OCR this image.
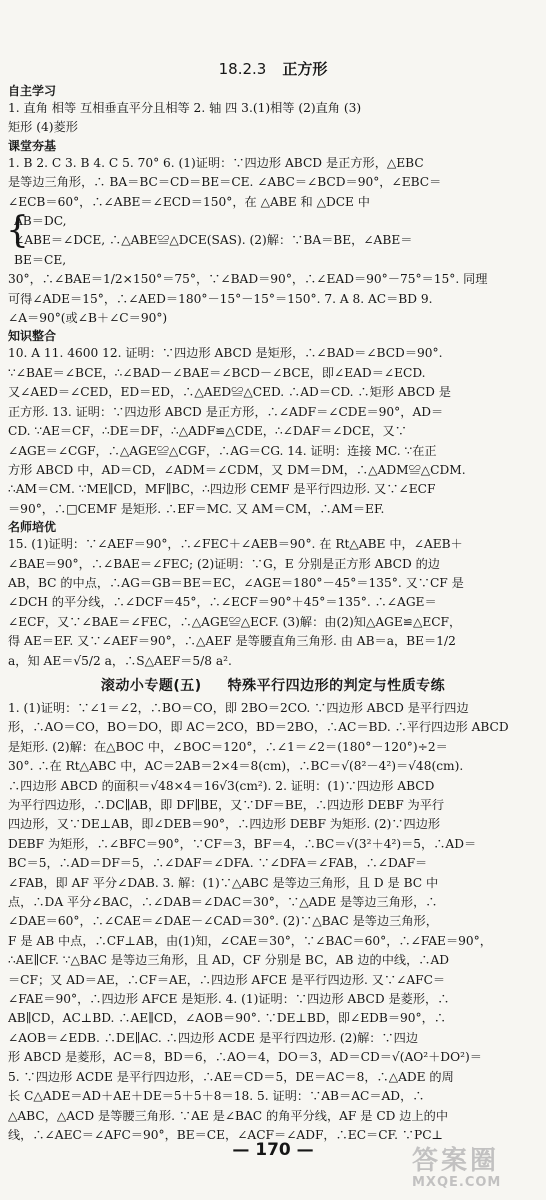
18.2.3 正方形
自主学习
1. 直角 相等 互相垂直平分且相等 2. 轴 四 3.(1)相等 (2)直角 (3)
矩形 (4)菱形
课堂夯基
1. B 2. C 3. B 4. C 5. 70° 6. (1)证明：∵四边形 ABCD 是正方形，△EBC
是等边三角形，∴ BA＝BC＝CD＝BE＝CE. ∠ABC＝∠BCD＝90°，∠EBC＝
∠ECB＝60°，∴∠ABE＝∠ECD＝150°，在 △ABE 和 △DCE 中
{
AB＝DC,
∠ABE＝∠DCE, ∴△ABE≌△DCE(SAS). (2)解：∵BA＝BE，∠ABE＝
BE＝CE,
30°，∴∠BAE＝1/2×150°＝75°，∵∠BAD＝90°，∴∠EAD＝90°－75°＝15°. 同理
可得∠ADE＝15°，∴∠AED＝180°－15°－15°＝150°. 7. A 8. AC＝BD 9.
∠A＝90°(或∠B＋∠C＝90°)
知识整合
10. A 11. 4600 12. 证明：∵四边形 ABCD 是矩形，∴∠BAD＝∠BCD＝90°.
∵∠BAE＝∠BCE，∴∠BAD－∠BAE＝∠BCD－∠BCE，即∠EAD＝∠ECD.
又∠AED＝∠CED，ED＝ED，∴△AED≌△CED. ∴AD＝CD. ∴矩形 ABCD 是
正方形. 13. 证明：∵四边形 ABCD 是正方形，∴∠ADF＝∠CDE＝90°，AD＝
CD. ∵AE＝CF，∴DE＝DF，∴△ADF≌△CDE，∴∠DAF＝∠DCE，又∵
∠AGE＝∠CGF，∴△AGE≌△CGF，∴AG＝CG. 14. 证明：连接 MC. ∵在正
方形 ABCD 中，AD＝CD，∠ADM＝∠CDM，又 DM＝DM，∴△ADM≌△CDM.
∴AM＝CM. ∵ME∥CD，MF∥BC，∴四边形 CEMF 是平行四边形. 又∵∠ECF
＝90°，∴□CEMF 是矩形. ∴EF＝MC. 又 AM＝CM，∴AM＝EF.
名师培优
15. (1)证明：∵∠AEF＝90°，∴∠FEC＋∠AEB＝90°. 在 Rt△ABE 中，∠AEB＋
∠BAE＝90°，∴∠BAE＝∠FEC; (2)证明：∵G，E 分别是正方形 ABCD 的边
AB，BC 的中点，∴AG＝GB＝BE＝EC，∠AGE＝180°－45°＝135°. 又∵CF 是
∠DCH 的平分线，∴∠DCF＝45°，∴∠ECF＝90°＋45°＝135°. ∴∠AGE＝
∠ECF，又∵∠BAE＝∠FEC，∴△AGE≌△ECF. (3)解：由(2)知△AGE≌△ECF，
得 AE＝EF. 又∵∠AEF＝90°，∴△AEF 是等腰直角三角形. 由 AB＝a，BE＝1/2
a，知 AE＝√5/2 a，∴S△AEF＝5/8 a².
滚动小专题(五) 特殊平行四边形的判定与性质专练
1. (1)证明：∵∠1＝∠2，∴BO＝CO，即 2BO＝2CO. ∵四边形 ABCD 是平行四边
形，∴AO＝CO，BO＝DO，即 AC＝2CO，BD＝2BO，∴AC＝BD. ∴平行四边形 ABCD
是矩形. (2)解：在△BOC 中，∠BOC＝120°，∴∠1＝∠2＝(180°－120°)÷2＝
30°. ∴在 Rt△ABC 中，AC＝2AB＝2×4＝8(cm)，∴BC＝√(8²－4²)＝√48(cm).
∴四边形 ABCD 的面积＝√48×4＝16√3(cm²). 2. 证明：(1)∵四边形 ABCD
为平行四边形，∴DC∥AB，即 DF∥BE，又∵DF＝BE，∴四边形 DEBF 为平行
四边形，又∵DE⊥AB，即∠DEB＝90°，∴四边形 DEBF 为矩形. (2)∵四边形
DEBF 为矩形，∴∠BFC＝90°，∵CF＝3，BF＝4，∴BC＝√(3²＋4²)＝5，∴AD＝
BC＝5，∴AD＝DF＝5，∴∠DAF＝∠DFA. ∵∠DFA＝∠FAB，∴∠DAF＝
∠FAB，即 AF 平分∠DAB. 3. 解：(1)∵△ABC 是等边三角形，且 D 是 BC 中
点，∴DA 平分∠BAC，∴∠DAB＝∠DAC＝30°，∵△ADE 是等边三角形，∴
∠DAE＝60°，∴∠CAE＝∠DAE－∠CAD＝30°. (2)∵△BAC 是等边三角形，
F 是 AB 中点，∴CF⊥AB，由(1)知，∠CAE＝30°，∵∠BAC＝60°，∴∠FAE＝90°，
∴AE∥CF. ∵△BAC 是等边三角形，且 AD，CF 分别是 BC，AB 边的中线，∴AD
＝CF；又 AD＝AE，∴CF＝AE，∴四边形 AFCE 是平行四边形. 又∵∠AFC＝
∠FAE＝90°，∴四边形 AFCE 是矩形. 4. (1)证明：∵四边形 ABCD 是菱形，∴
AB∥CD，AC⊥BD. ∴AE∥CD，∠AOB＝90°. ∵DE⊥BD，即∠EDB＝90°，∴
∠AOB＝∠EDB. ∴DE∥AC. ∴四边形 ACDE 是平行四边形. (2)解：∵四边
形 ABCD 是菱形，AC＝8，BD＝6，∴AO＝4，DO＝3，AD＝CD＝√(AO²＋DO²)＝
5. ∵四边形 ACDE 是平行四边形，∴AE＝CD＝5，DE＝AC＝8，∴△ADE 的周
长 C△ADE＝AD＋AE＋DE＝5＋5＋8＝18. 5. 证明：∵AB＝AC＝AD，∴
△ABC，△ACD 是等腰三角形. ∵AE 是∠BAC 的角平分线，AF 是 CD 边上的中
线，∴∠AEC＝∠AFC＝90°，BE＝CE，∠ACF＝∠ADF，∴EC＝CF. ∵PC⊥
— 170 —	答案圈
MXQE.COM
